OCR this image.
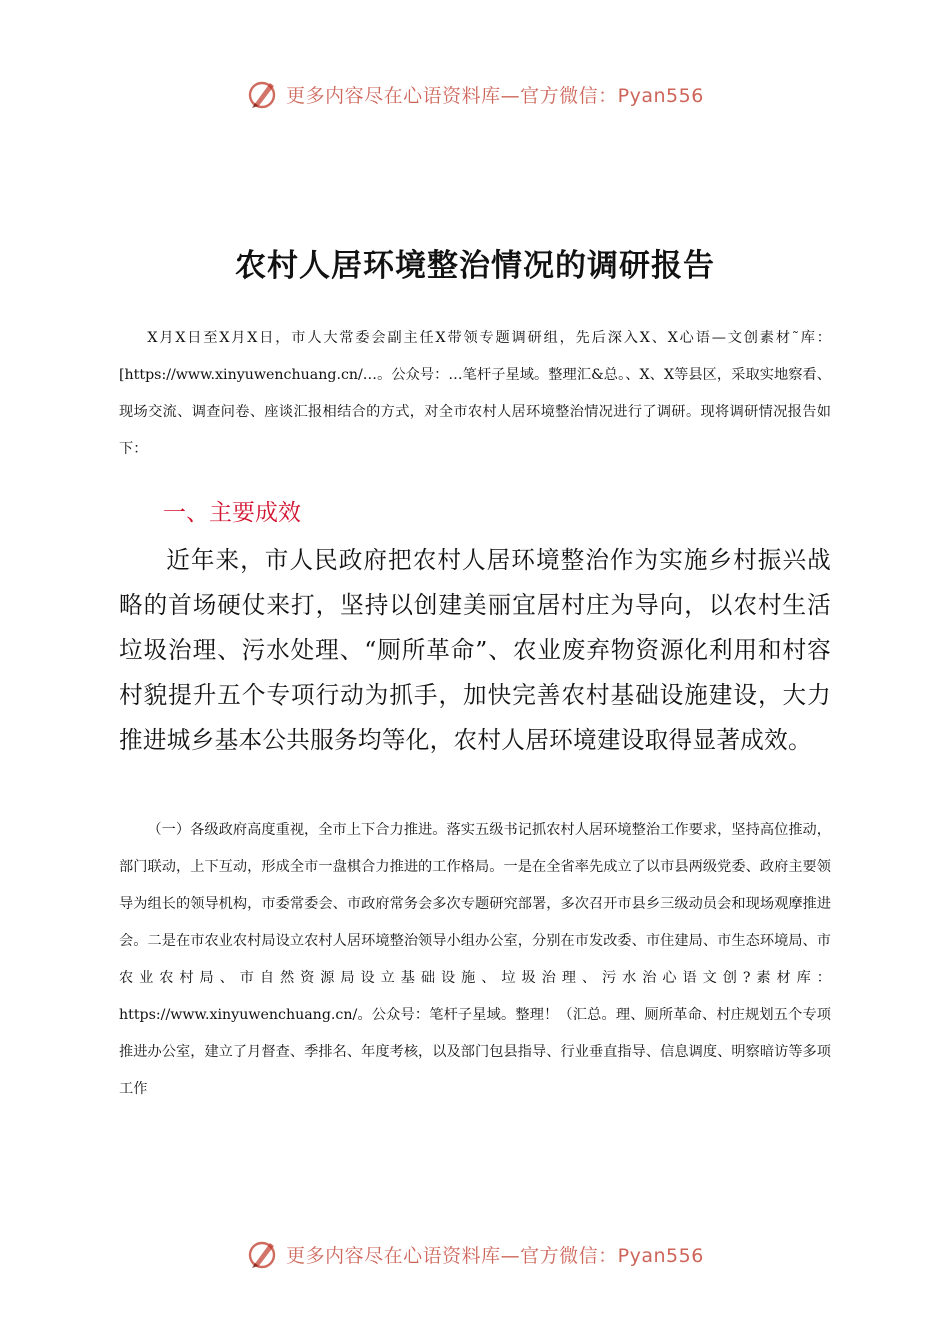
更多内容尽在心语资料库—官方微信：Pyan556
农村人居环境整治情况的调研报告

X月X日至X月X日，市人大常委会副主任X带领专题调研组，先后深入X、X心语—文创素材˜库：[https://www.xinyuwenchuang.cn/…。公众号：…笔杆子星域。整理汇&总。、X、X等县区，采取实地察看、现场交流、调查问卷、座谈汇报相结合的方式，对全市农村人居环境整治情况进行了调研。现将调研情况报告如下：

一、主要成效

近年来，市人民政府把农村人居环境整治作为实施乡村振兴战略的首场硬仗来打，坚持以创建美丽宜居村庄为导向，以农村生活垃圾治理、污水处理、“厕所革命”、农业废弃物资源化利用和村容村貌提升五个专项行动为抓手，加快完善农村基础设施建设，大力推进城乡基本公共服务均等化，农村人居环境建设取得显著成效。

（一）各级政府高度重视，全市上下合力推进。落实五级书记抓农村人居环境整治工作要求，坚持高位推动，部门联动，上下互动，形成全市一盘棋合力推进的工作格局。一是在全省率先成立了以市县两级党委、政府主要领导为组长的领导机构，市委常委会、市政府常务会多次专题研究部署，多次召开市县乡三级动员会和现场观摩推进会。二是在市农业农村局设立农村人居环境整治领导小组办公室，分别在市发改委、市住建局、市生态环境局、市农业农村局、市自然资源局设立基础设施、垃圾治理、污水治心语文创?素材库：https://www.xinyuwenchuang.cn/。公众号：笔杆子星域。整理！（汇总。理、厕所革命、村庄规划五个专项推进办公室，建立了月督查、季排名、年度考核，以及部门包县指导、行业垂直指导、信息调度、明察暗访等多项工作

更多内容尽在心语资料库—官方微信：Pyan556
